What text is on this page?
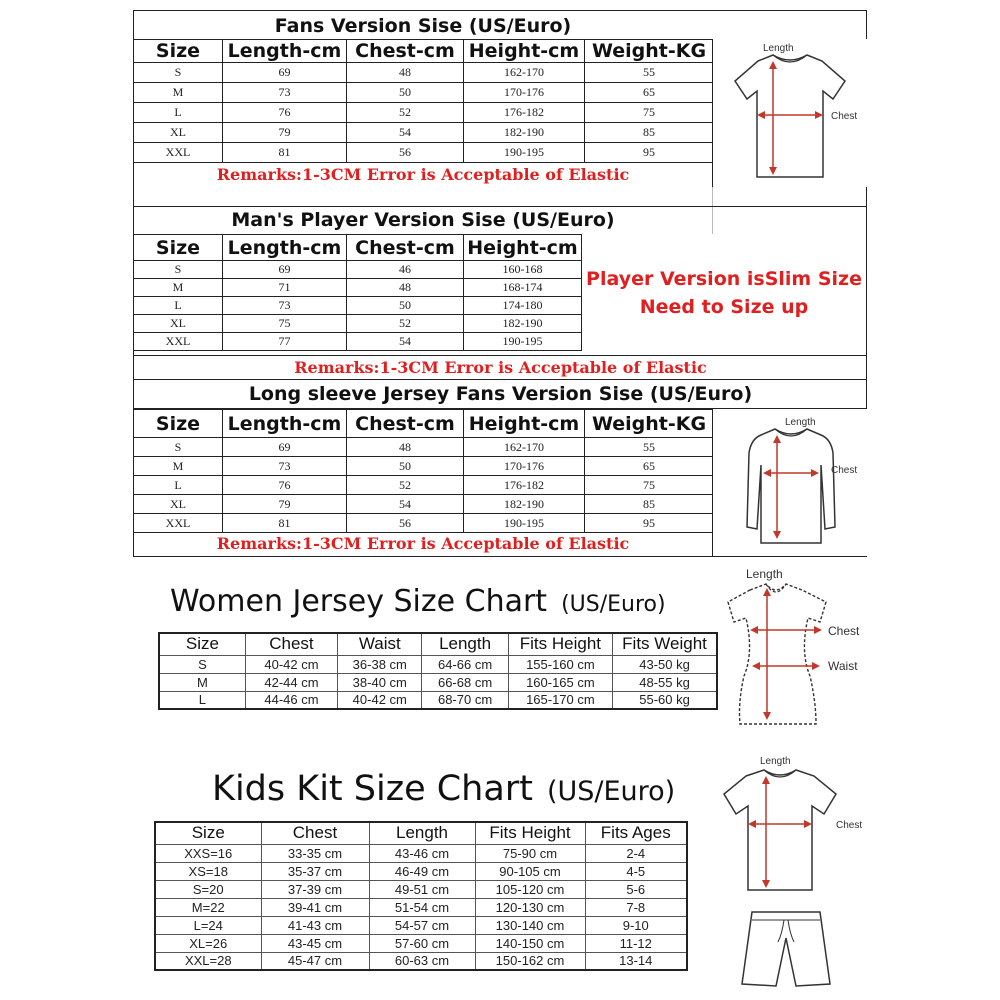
Fans Version Sise (US/Euro)
Size	Length-cm	Chest-cm	Height-cm	Weight-KG
S	69	48	162-170	55
M	73	50	170-176	65
L	76	52	176-182	75
XL	79	54	182-190	85
XXL	81	56	190-195	95
Remarks:1-3CM Error is Acceptable of Elastic
Length
Chest
Man's Player Version Sise (US/Euro)
Size	Length-cm	Chest-cm	Height-cm
S	69	46	160-168
M	71	48	168-174
L	73	50	174-180
XL	75	52	182-190
XXL	77	54	190-195
Player Version isSlim Size
Need to Size up
Remarks:1-3CM Error is Acceptable of Elastic
Long sleeve Jersey Fans Version Sise (US/Euro)
Size	Length-cm	Chest-cm	Height-cm	Weight-KG
S	69	48	162-170	55
M	73	50	170-176	65
L	76	52	176-182	75
XL	79	54	182-190	85
XXL	81	56	190-195	95
Remarks:1-3CM Error is Acceptable of Elastic
Length
Chest
Women Jersey Size Chart (US/Euro)
Size	Chest	Waist	Length	Fits Height	Fits Weight
S	40-42 cm	36-38 cm	64-66 cm	155-160 cm	43-50 kg
M	42-44 cm	38-40 cm	66-68 cm	160-165 cm	48-55 kg
L	44-46 cm	40-42 cm	68-70 cm	165-170 cm	55-60 kg
Length
Chest
Waist
Kids Kit Size Chart (US/Euro)
Size	Chest	Length	Fits Height	Fits Ages
XXS=16	33-35 cm	43-46 cm	75-90 cm	2-4
XS=18	35-37 cm	46-49 cm	90-105 cm	4-5
S=20	37-39 cm	49-51 cm	105-120 cm	5-6
M=22	39-41 cm	51-54 cm	120-130 cm	7-8
L=24	41-43 cm	54-57 cm	130-140 cm	9-10
XL=26	43-45 cm	57-60 cm	140-150 cm	11-12
XXL=28	45-47 cm	60-63 cm	150-162 cm	13-14
Length
Chest
